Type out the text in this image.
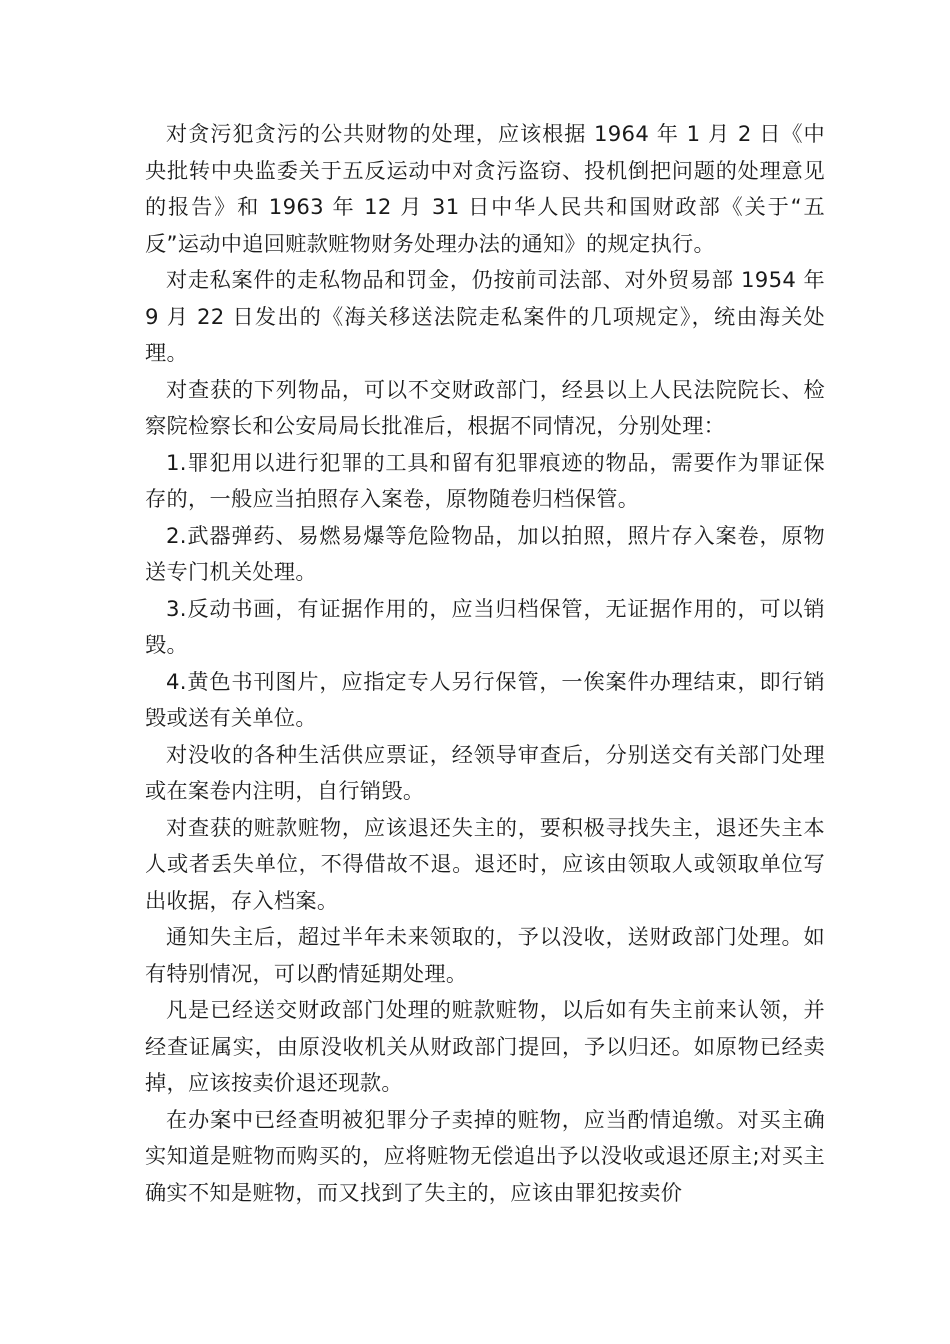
对贪污犯贪污的公共财物的处理，应该根据 1964 年 1 月 2 日《中央批转中央监委关于五反运动中对贪污盗窃、投机倒把问题的处理意见的报告》和 1963 年 12 月 31 日中华人民共和国财政部《关于“五反”运动中追回赃款赃物财务处理办法的通知》的规定执行。

对走私案件的走私物品和罚金，仍按前司法部、对外贸易部 1954 年 9 月 22 日发出的《海关移送法院走私案件的几项规定》，统由海关处理。

对查获的下列物品，可以不交财政部门，经县以上人民法院院长、检察院检察长和公安局局长批准后，根据不同情况，分别处理：

1.罪犯用以进行犯罪的工具和留有犯罪痕迹的物品，需要作为罪证保存的，一般应当拍照存入案卷，原物随卷归档保管。

2.武器弹药、易燃易爆等危险物品，加以拍照，照片存入案卷，原物送专门机关处理。

3.反动书画，有证据作用的，应当归档保管，无证据作用的，可以销毁。

4.黄色书刊图片，应指定专人另行保管，一俟案件办理结束，即行销毁或送有关单位。

对没收的各种生活供应票证，经领导审查后，分别送交有关部门处理或在案卷内注明，自行销毁。

对查获的赃款赃物，应该退还失主的，要积极寻找失主，退还失主本人或者丢失单位，不得借故不退。退还时，应该由领取人或领取单位写出收据，存入档案。

通知失主后，超过半年未来领取的，予以没收，送财政部门处理。如有特别情况，可以酌情延期处理。

凡是已经送交财政部门处理的赃款赃物，以后如有失主前来认领，并经查证属实，由原没收机关从财政部门提回，予以归还。如原物已经卖掉，应该按卖价退还现款。

在办案中已经查明被犯罪分子卖掉的赃物，应当酌情追缴。对买主确实知道是赃物而购买的，应将赃物无偿追出予以没收或退还原主;对买主确实不知是赃物，而又找到了失主的，应该由罪犯按卖价
